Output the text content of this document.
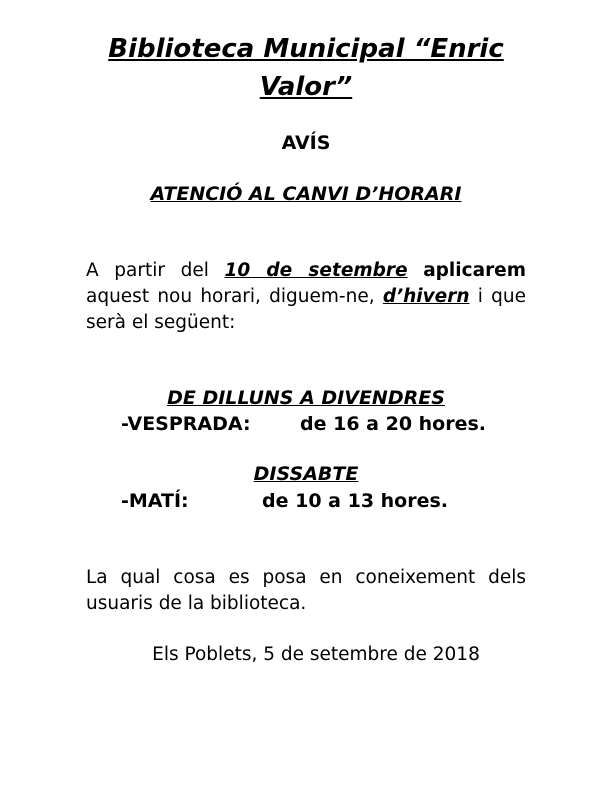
Biblioteca Municipal “Enric Valor”

AVÍS

ATENCIÓ AL CANVI D’HORARI

A partir del 10 de setembre aplicarem aquest nou horari, diguem-ne, d’hivern i que serà el següent:

DE DILLUNS A DIVENDRES

-VESPRADA:	de 16 a 20 hores.

DISSABTE

-MATÍ:	de 10 a 13 hores.

La qual cosa es posa en coneixement dels usuaris de la biblioteca.

Els Poblets, 5 de setembre de 2018
